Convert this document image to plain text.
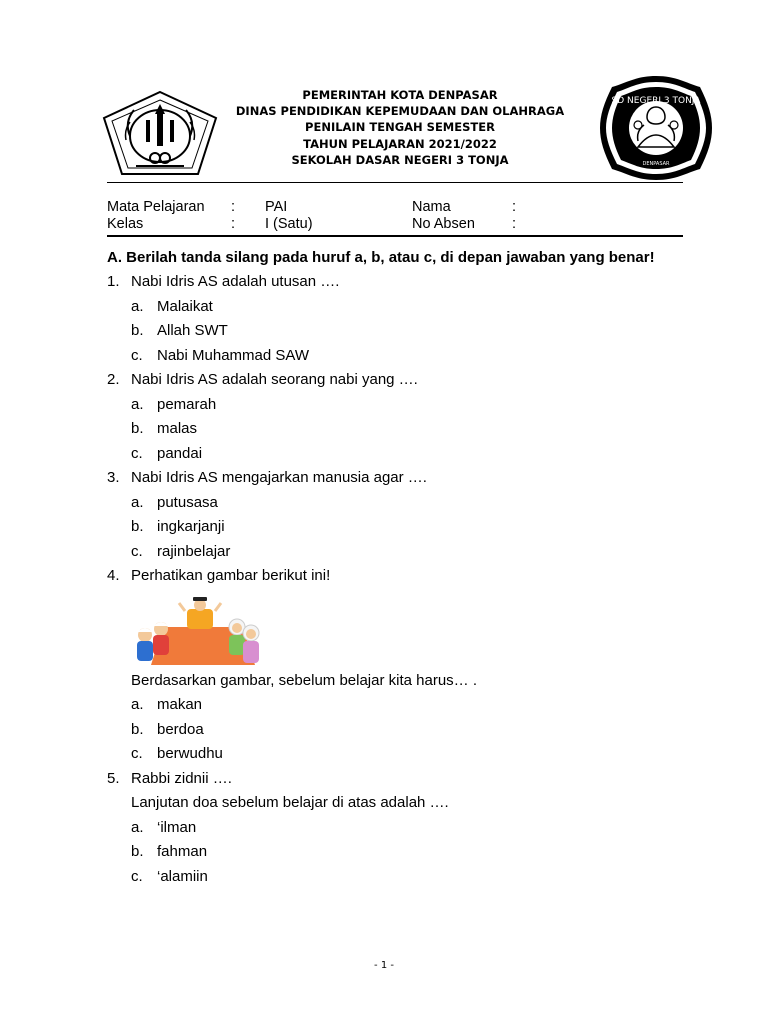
PEMERINTAH KOTA DENPASAR
DINAS PENDIDIKAN KEPEMUDAAN DAN OLAHRAGA
PENILAIN TENGAH SEMESTER
TAHUN PELAJARAN 2021/2022
SEKOLAH DASAR NEGERI 3 TONJA
SD NEGERI 3 TONJA
DENPASAR
Mata Pelajaran : PAI	Nama	:
Kelas	: I (Satu)	No Absen	:
A. Berilah tanda silang pada huruf a, b, atau c, di depan jawaban yang benar!
1. Nabi Idris AS adalah utusan ….
a. Malaikat
b. Allah SWT
c. Nabi Muhammad SAW
2. Nabi Idris AS adalah seorang nabi yang ….
a. pemarah
b. malas
c. pandai
3. Nabi Idris AS mengajarkan manusia agar ….
a. putusasa
b. ingkarjanji
c. rajinbelajar
4. Perhatikan gambar berikut ini!
Berdasarkan gambar, sebelum belajar kita harus… .
a. makan
b. berdoa
c. berwudhu
5. Rabbi zidnii ….
Lanjutan doa sebelum belajar di atas adalah ….
a. ‘ilman
b. fahman
c. ‘alamiin
- 1 -
